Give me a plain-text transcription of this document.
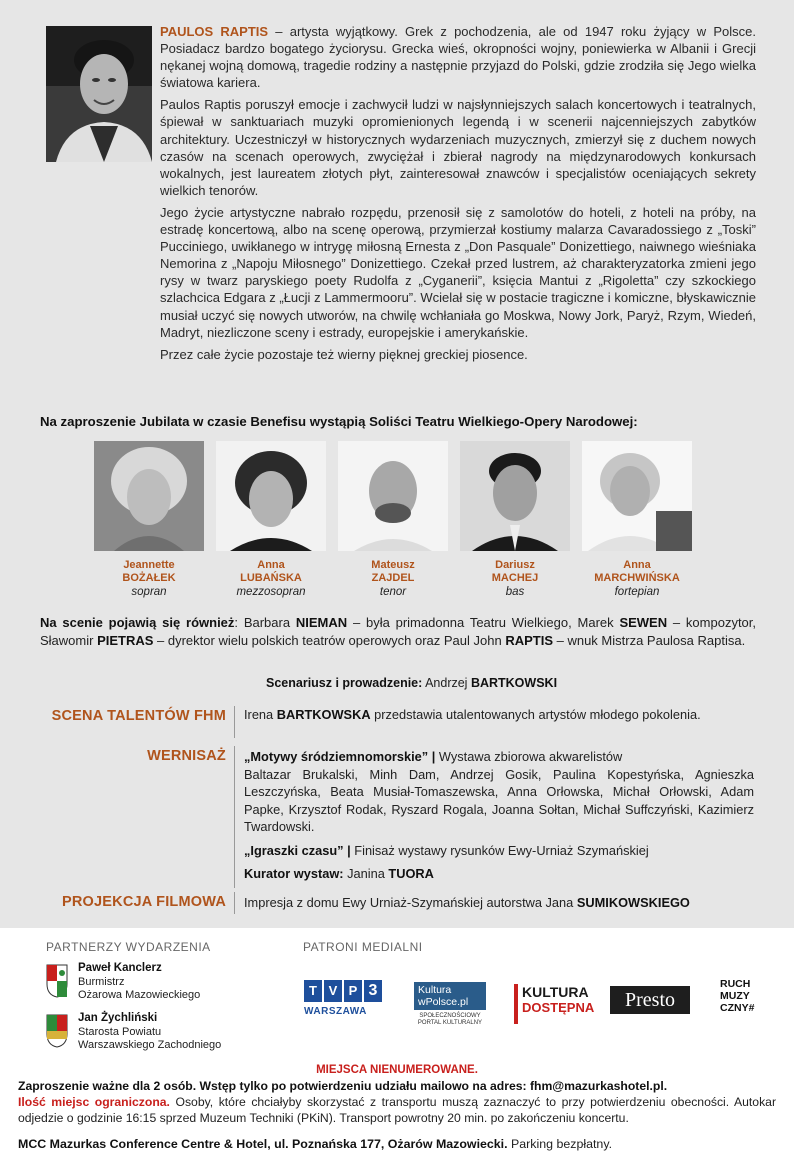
PAULOS RAPTIS – artysta wyjątkowy. Grek z pochodzenia, ale od 1947 roku żyjący w Polsce. Posiadacz bardzo bogatego życiorysu. Grecka wieś, okropności wojny, poniewierka w Albanii i Grecji nękanej wojną domową, tragedie rodziny a następnie przyjazd do Polski, gdzie zrodziła się Jego wielka światowa kariera.

Paulos Raptis poruszył emocje i zachwycił ludzi w najsłynniejszych salach koncertowych i teatralnych, śpiewał w sanktuariach muzyki opromienionych legendą i w scenerii najcenniejszych zabytków architektury. Uczestniczył w historycznych wydarzeniach muzycznych, zmierzył się z duchem nowych czasów na scenach operowych, zwyciężał i zbierał nagrody na międzynarodowych konkursach wokalnych, jest laureatem złotych płyt, zainteresował znawców i specjalistów oceniających sekrety wielkich tenorów.

Jego życie artystyczne nabrało rozpędu, przenosił się z samolotów do hoteli, z hoteli na próby, na estradę koncertową, albo na scenę operową, przymierzał kostiumy malarza Cavaradossiego z „Toski” Pucciniego, uwikłanego w intrygę miłosną Ernesta z „Don Pasquale” Donizettiego, naiwnego wieśniaka Nemorina z „Napoju Miłosnego” Donizettiego. Czekał przed lustrem, aż charakteryzatorka zmieni jego rysy w twarz paryskiego poety Rudolfa z „Cyganerii”, księcia Mantui z „Rigoletta” czy szkockiego szlachcica Edgara z „Łucji z Lammermooru”. Wcielał się w postacie tragiczne i komiczne, błyskawicznie musiał uczyć się nowych utworów, na chwilę wchłaniała go Moskwa, Nowy Jork, Paryż, Rzym, Wiedeń, Madryt, niezliczone sceny i estrady, europejskie i amerykańskie.

Przez całe życie pozostaje też wierny pięknej greckiej piosence.

Na zaproszenie Jubilata w czasie Benefisu wystąpią Soliści Teatru Wielkiego-Opery Narodowej:
Jeannette
BOŻAŁEK
sopran
Anna
LUBAŃSKA
mezzosopran
Mateusz
ZAJDEL
tenor
Dariusz
MACHEJ
bas
Anna
MARCHWIŃSKA
fortepian
Na scenie pojawią się również: Barbara NIEMAN – była primadonna Teatru Wielkiego, Marek SEWEN – kompozytor, Sławomir PIETRAS – dyrektor wielu polskich teatrów operowych oraz Paul John RAPTIS – wnuk Mistrza Paulosa Raptisa.
Scenariusz i prowadzenie: Andrzej BARTKOWSKI
SCENA TALENTÓW FHM Irena BARTKOWSKA przedstawia utalentowanych artystów młodego pokolenia.
WERNISAŻ „Motywy śródziemnomorskie” | Wystawa zbiorowa akwarelistów
Baltazar Brukalski, Minh Dam, Andrzej Gosik, Paulina Kopestyńska, Agnieszka Leszczyńska, Beata Musiał-Tomaszewska, Anna Orłowska, Michał Orłowski, Adam Papke, Krzysztof Rodak, Ryszard Rogala, Joanna Sołtan, Michał Suffczyński, Kazimierz Twardowski.
„Igraszki czasu” | Finisaż wystawy rysunków Ewy-Urniaż Szymańskiej
Kurator wystaw: Janina TUORA
PROJEKCJA FILMOWA Impresja z domu Ewy Urniaż-Szymańskiej autorstwa Jana SUMIKOWSKIEGO
PARTNERZY WYDARZENIA	PATRONI MEDIALNI
Paweł Kanclerz
Burmistrz
Ożarowa Mazowieckiego
Jan Żychliński
Starosta Powiatu
Warszawskiego Zachodniego
T V P 3
WARSZAWA
Kultura
wPolsce.pl
SPOŁECZNOŚCIOWY
PORTAL KULTURALNY
KULTURA
DOSTĘPNA	Presto
RUCH
MUZY
CZNY#
MIEJSCA NIENUMEROWANE.
Zaproszenie ważne dla 2 osób. Wstęp tylko po potwierdzeniu udziału mailowo na adres: fhm@mazurkashotel.pl.
Ilość miejsc ograniczona. Osoby, które chciałyby skorzystać z transportu muszą zaznaczyć to przy potwierdzeniu obecności. Autokar odjedzie o godzinie 16:15 sprzed Muzeum Techniki (PKiN). Transport powrotny 20 min. po zakończeniu koncertu.
MCC Mazurkas Conference Centre & Hotel, ul. Poznańska 177, Ożarów Mazowiecki. Parking bezpłatny.
